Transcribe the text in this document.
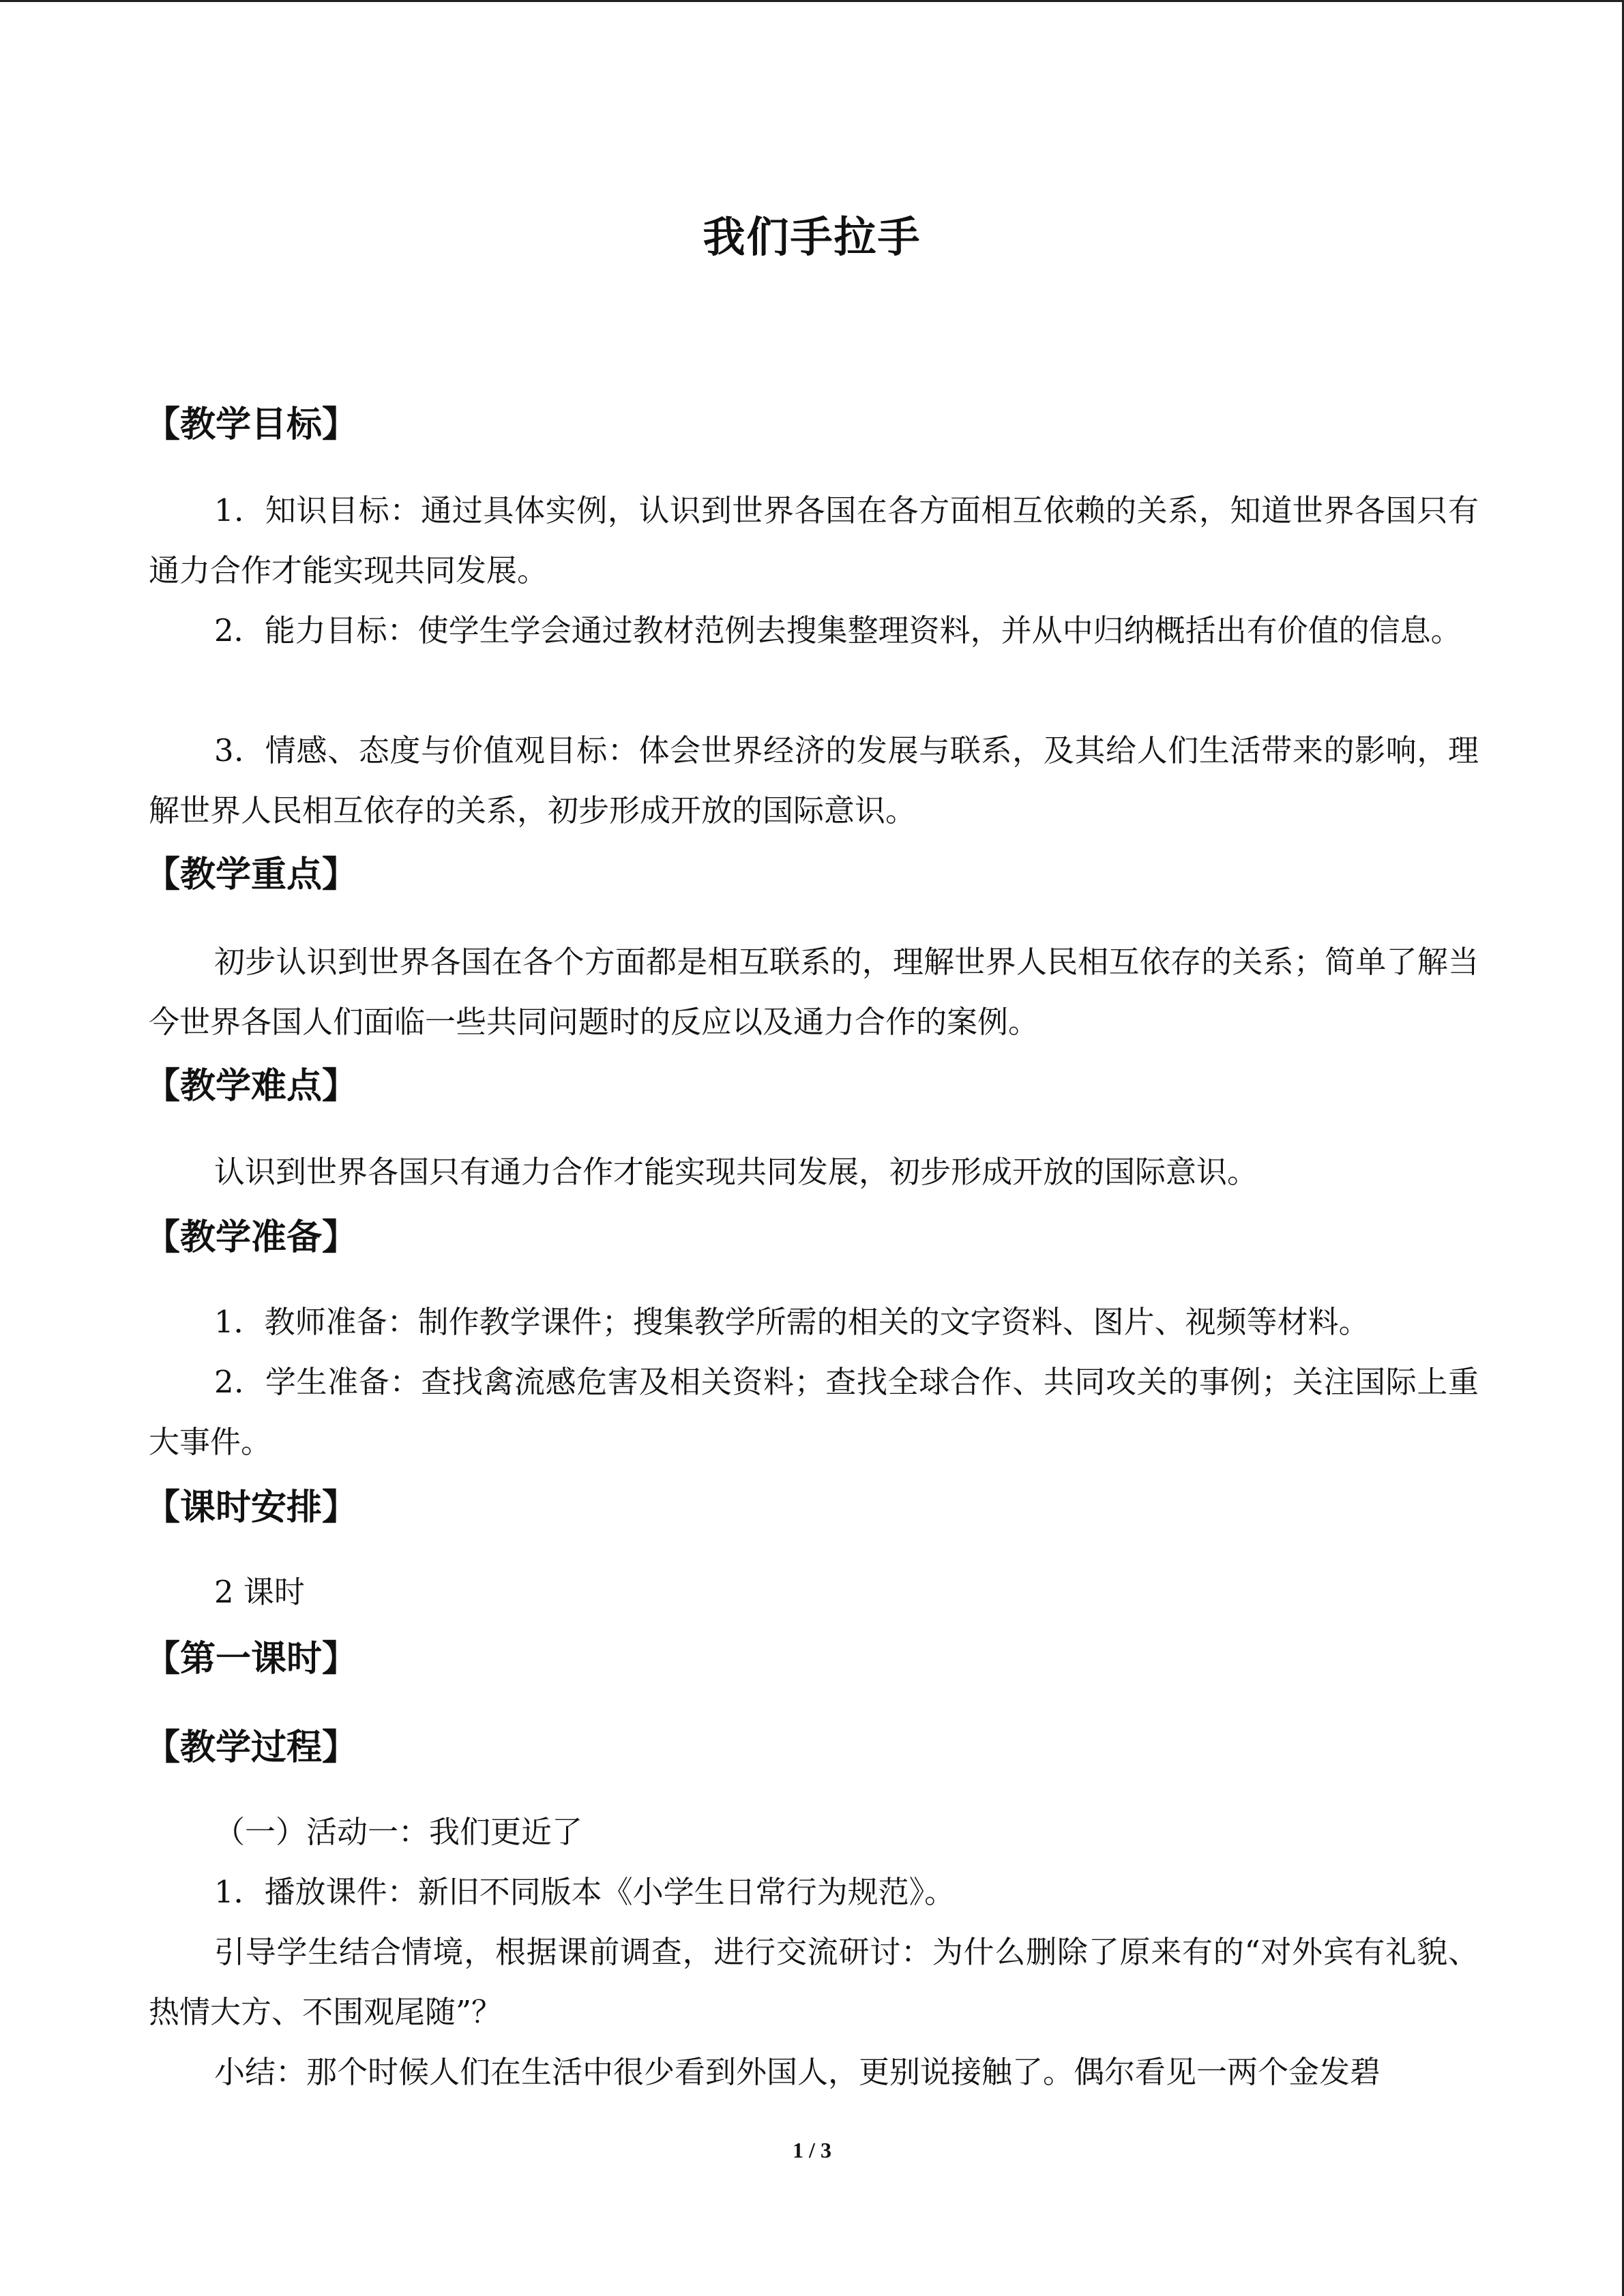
我们手拉手
【教学目标】

1．知识目标：通过具体实例，认识到世界各国在各方面相互依赖的关系，知道世界各国只有通力合作才能实现共同发展。

2．能力目标：使学生学会通过教材范例去搜集整理资料，并从中归纳概括出有价值的信息。

3．情感、态度与价值观目标：体会世界经济的发展与联系，及其给人们生活带来的影响，理解世界人民相互依存的关系，初步形成开放的国际意识。

【教学重点】

初步认识到世界各国在各个方面都是相互联系的，理解世界人民相互依存的关系；简单了解当今世界各国人们面临一些共同问题时的反应以及通力合作的案例。

【教学难点】

认识到世界各国只有通力合作才能实现共同发展，初步形成开放的国际意识。

【教学准备】

1．教师准备：制作教学课件；搜集教学所需的相关的文字资料、图片、视频等材料。

2．学生准备：查找禽流感危害及相关资料；查找全球合作、共同攻关的事例；关注国际上重大事件。

【课时安排】

2 课时

【第一课时】
【教学过程】

（一）活动一：我们更近了

1．播放课件：新旧不同版本《小学生日常行为规范》。

引导学生结合情境，根据课前调查，进行交流研讨：为什么删除了原来有的“对外宾有礼貌、热情大方、不围观尾随”？

小结：那个时候人们在生活中很少看到外国人，更别说接触了。偶尔看见一两个金发碧

1 / 3
